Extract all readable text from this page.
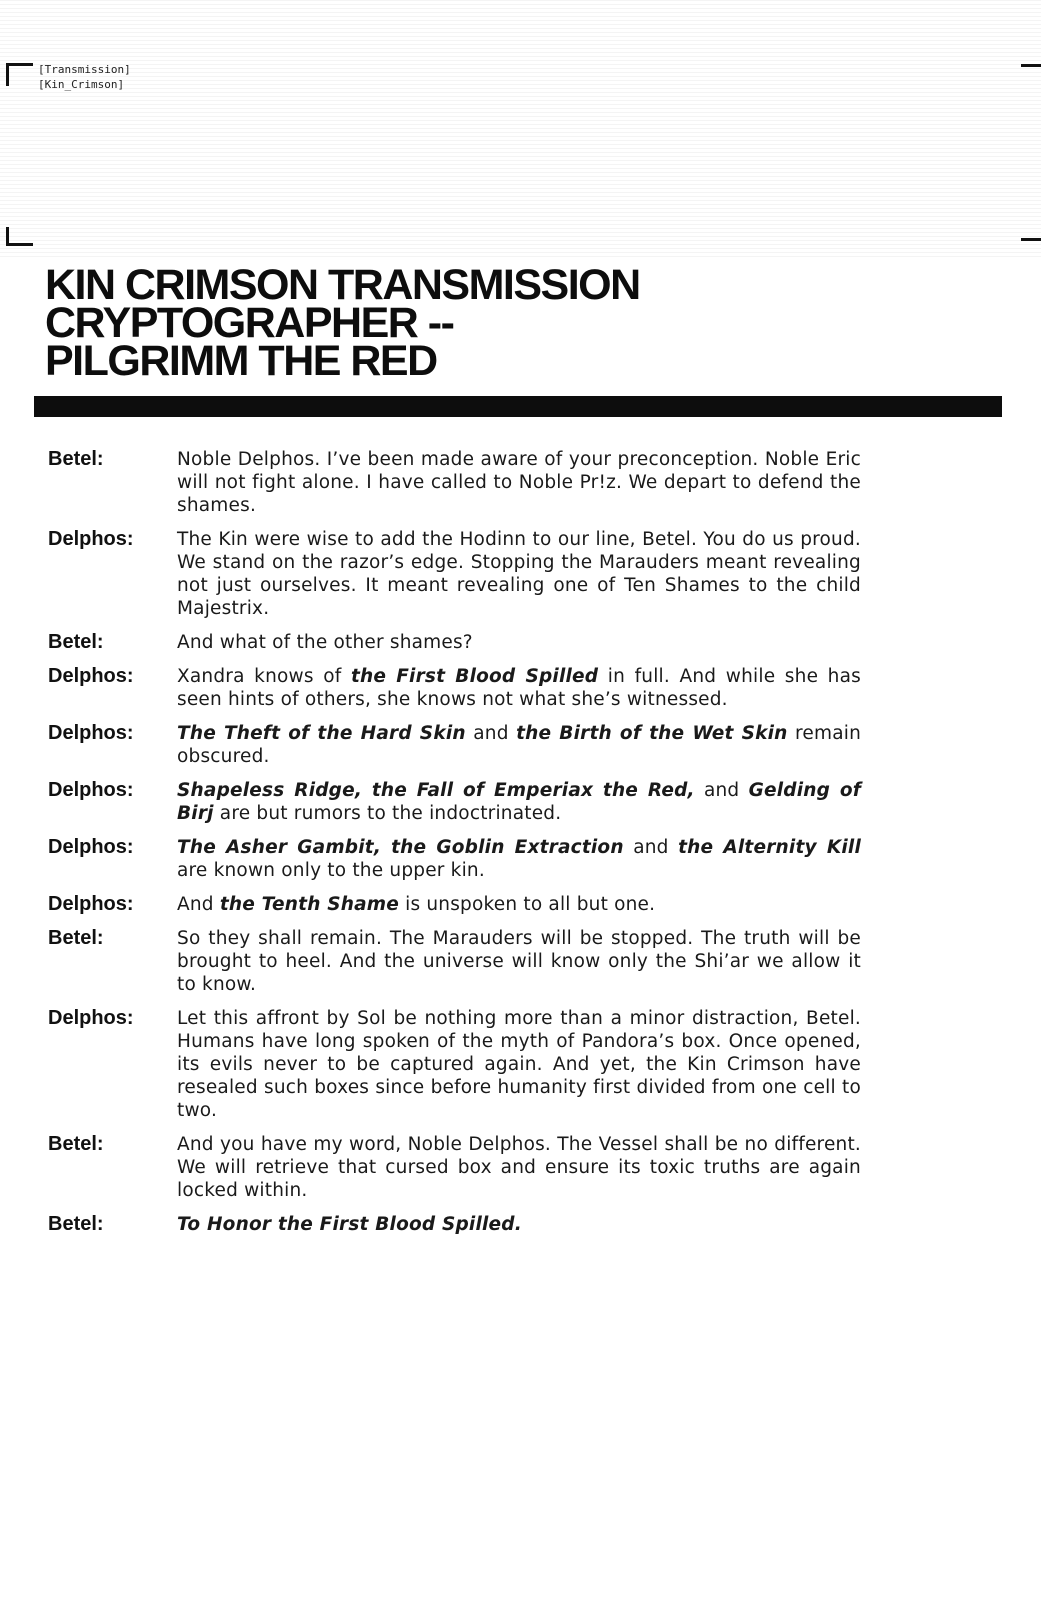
[Transmission]
[Kin_Crimson]
KIN CRIMSON TRANSMISSION
CRYPTOGRAPHER --
PILGRIMM THE RED
Betel:	Noble Delphos. I’ve been made aware of your preconception. Noble Eric will not fight alone. I have called to Noble Pr!z. We depart to defend the shames.
Delphos:	The Kin were wise to add the Hodinn to our line, Betel. You do us proud. We stand on the razor’s edge. Stopping the Marauders meant revealing not just ourselves. It meant revealing one of Ten Shames to the child Majestrix.
Betel:	And what of the other shames?
Delphos:	Xandra knows of the First Blood Spilled in full. And while she has seen hints of others, she knows not what she’s witnessed.
Delphos:	The Theft of the Hard Skin and the Birth of the Wet Skin remain obscured.
Delphos:	Shapeless Ridge, the Fall of Emperiax the Red, and Gelding of Birj are but rumors to the indoctrinated.
Delphos:	The Asher Gambit, the Goblin Extraction and the Alternity Kill are known only to the upper kin.
Delphos:	And the Tenth Shame is unspoken to all but one.
Betel:	So they shall remain. The Marauders will be stopped. The truth will be brought to heel. And the universe will know only the Shi’ar we allow it to know.
Delphos:	Let this affront by Sol be nothing more than a minor distraction, Betel. Humans have long spoken of the myth of Pandora’s box. Once opened, its evils never to be captured again. And yet, the Kin Crimson have resealed such boxes since before humanity first divided from one cell to two.
Betel:	And you have my word, Noble Delphos. The Vessel shall be no different. We will retrieve that cursed box and ensure its toxic truths are again locked within.
Betel:	To Honor the First Blood Spilled.
